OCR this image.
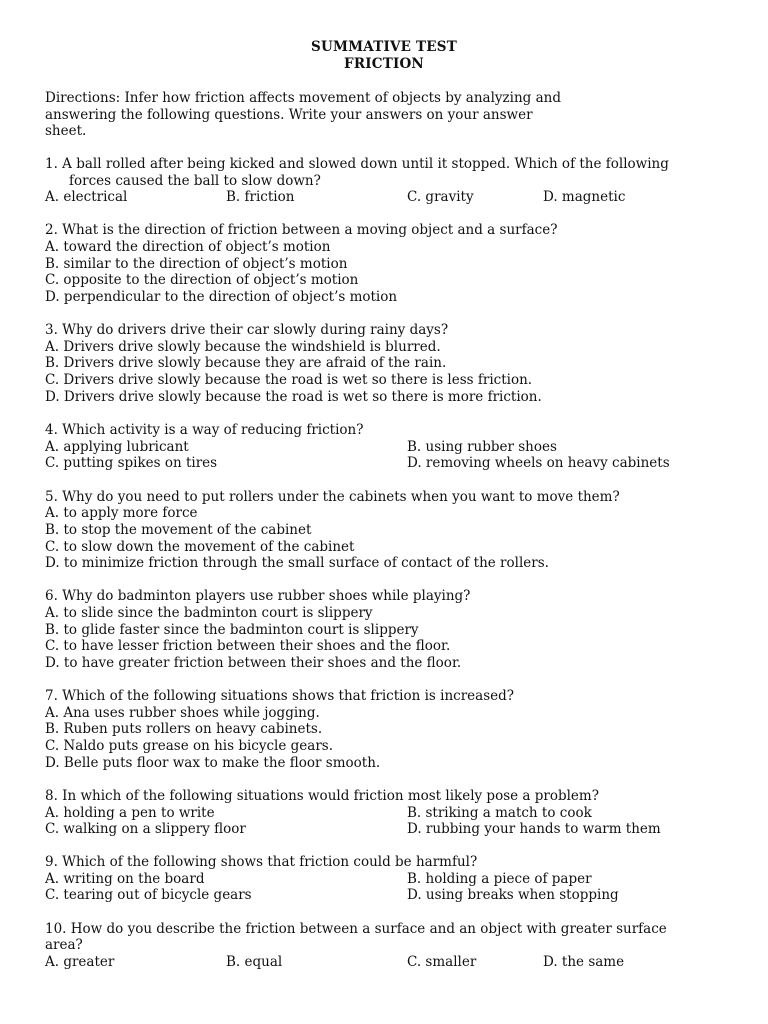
SUMMATIVE TEST
FRICTION
Directions: Infer how friction affects movement of objects by analyzing and
answering the following questions. Write your answers on your answer
sheet.
1. A ball rolled after being kicked and slowed down until it stopped. Which of the following
forces caused the ball to slow down?
A. electrical	B. friction	C. gravity	D. magnetic
2. What is the direction of friction between a moving object and a surface?
A. toward the direction of object’s motion
B. similar to the direction of object’s motion
C. opposite to the direction of object’s motion
D. perpendicular to the direction of object’s motion
3. Why do drivers drive their car slowly during rainy days?
A. Drivers drive slowly because the windshield is blurred.
B. Drivers drive slowly because they are afraid of the rain.
C. Drivers drive slowly because the road is wet so there is less friction.
D. Drivers drive slowly because the road is wet so there is more friction.
4. Which activity is a way of reducing friction?
A. applying lubricant	B. using rubber shoes
C. putting spikes on tires	D. removing wheels on heavy cabinets
5. Why do you need to put rollers under the cabinets when you want to move them?
A. to apply more force
B. to stop the movement of the cabinet
C. to slow down the movement of the cabinet
D. to minimize friction through the small surface of contact of the rollers.
6. Why do badminton players use rubber shoes while playing?
A. to slide since the badminton court is slippery
B. to glide faster since the badminton court is slippery
C. to have lesser friction between their shoes and the floor.
D. to have greater friction between their shoes and the floor.
7. Which of the following situations shows that friction is increased?
A. Ana uses rubber shoes while jogging.
B. Ruben puts rollers on heavy cabinets.
C. Naldo puts grease on his bicycle gears.
D. Belle puts floor wax to make the floor smooth.
8. In which of the following situations would friction most likely pose a problem?
A. holding a pen to write	B. striking a match to cook
C. walking on a slippery floor	D. rubbing your hands to warm them
9. Which of the following shows that friction could be harmful?
A. writing on the board	B. holding a piece of paper
C. tearing out of bicycle gears	D. using breaks when stopping
10. How do you describe the friction between a surface and an object with greater surface
area?
A. greater	B. equal	C. smaller	D. the same
